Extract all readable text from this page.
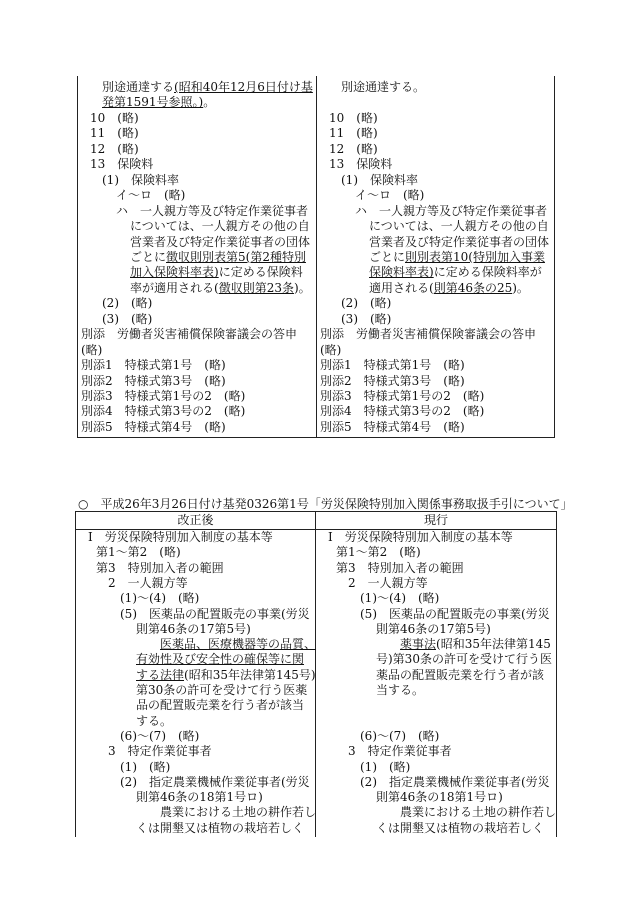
別途通達する(昭和40年12月6日付け基
発第1591号参照。)。
10　(略)
11　(略)
12　(略)
13　保険料
(1)　保険料率
イ～ロ　(略)
ハ　一人親方等及び特定作業従事者
については、一人親方その他の自
営業者及び特定作業従事者の団体
ごとに徴収則別表第5(第2種特別
加入保険料率表)に定める保険料
率が適用される(徴収則第23条)。
(2)　(略)
(3)　(略)
別添　労働者災害補償保険審議会の答申
(略)
別添1　特様式第1号　(略)
別添2　特様式第3号　(略)
別添3　特様式第1号の2　(略)
別添4　特様式第3号の2　(略)
別添5　特様式第4号　(略)
別途通達する。
10　(略)
11　(略)
12　(略)
13　保険料
(1)　保険料率
イ～ロ　(略)
ハ　一人親方等及び特定作業従事者
については、一人親方その他の自
営業者及び特定作業従事者の団体
ごとに則別表第10(特別加入事業
保険料率表)に定める保険料率が
適用される(則第46条の25)。
(2)　(略)
(3)　(略)
別添　労働者災害補償保険審議会の答申
(略)
別添1　特様式第1号　(略)
別添2　特様式第3号　(略)
別添3　特様式第1号の2　(略)
別添4　特様式第3号の2　(略)
別添5　特様式第4号　(略)
○　平成26年3月26日付け基発0326第1号「労災保険特別加入関係事務取扱手引について」
改正後	現行
I　労災保険特別加入制度の基本等
第1～第2　(略)
第3　特別加入者の範囲
2　一人親方等
(1)～(4)　(略)
(5)　医薬品の配置販売の事業(労災
則第46条の17第5号)
医薬品、医療機器等の品質、
有効性及び安全性の確保等に関
する法律(昭和35年法律第145号)
第30条の許可を受けて行う医薬
品の配置販売業を行う者が該当
する。
(6)～(7)　(略)
3　特定作業従事者
(1)　(略)
(2)　指定農業機械作業従事者(労災
則第46条の18第1号ロ)
農業における土地の耕作若し
くは開墾又は植物の栽培若しく
I　労災保険特別加入制度の基本等
第1～第2　(略)
第3　特別加入者の範囲
2　一人親方等
(1)～(4)　(略)
(5)　医薬品の配置販売の事業(労災
則第46条の17第5号)
薬事法(昭和35年法律第145
号)第30条の許可を受けて行う医
薬品の配置販売業を行う者が該
当する。
(6)～(7)　(略)
3　特定作業従事者
(1)　(略)
(2)　指定農業機械作業従事者(労災
則第46条の18第1号ロ)
農業における土地の耕作若し
くは開墾又は植物の栽培若しく
